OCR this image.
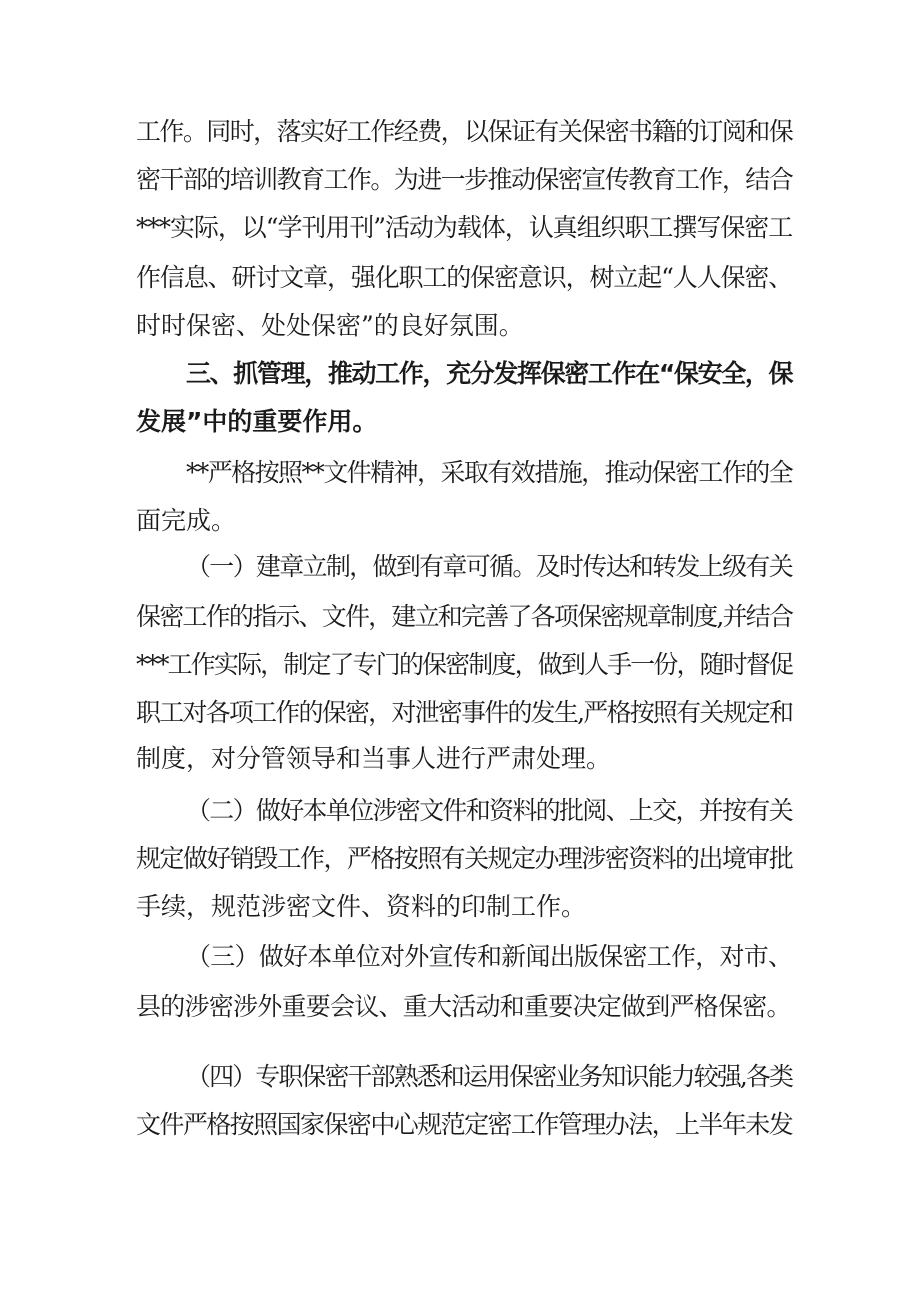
工作。同时，落实好工作经费，以保证有关保密书籍的订阅和保
密干部的培训教育工作。为进一步推动保密宣传教育工作，结合
***实际，以“学刊用刊”活动为载体，认真组织职工撰写保密工
作信息、研讨文章，强化职工的保密意识，树立起“人人保密、
时时保密、处处保密”的良好氛围。
三、抓管理，推动工作，充分发挥保密工作在“保安全，保
发展”中的重要作用。
**严格按照**文件精神，采取有效措施，推动保密工作的全
面完成。
（一）建章立制，做到有章可循。及时传达和转发上级有关
保密工作的指示、文件，建立和完善了各项保密规章制度,并结合
***工作实际，制定了专门的保密制度，做到人手一份，随时督促
职工对各项工作的保密，对泄密事件的发生,严格按照有关规定和
制度，对分管领导和当事人进行严肃处理。
（二）做好本单位涉密文件和资料的批阅、上交，并按有关
规定做好销毁工作，严格按照有关规定办理涉密资料的出境审批
手续，规范涉密文件、资料的印制工作。
（三）做好本单位对外宣传和新闻出版保密工作，对市、
县的涉密涉外重要会议、重大活动和重要决定做到严格保密。
（四）专职保密干部熟悉和运用保密业务知识能力较强,各类
文件严格按照国家保密中心规范定密工作管理办法，上半年未发
